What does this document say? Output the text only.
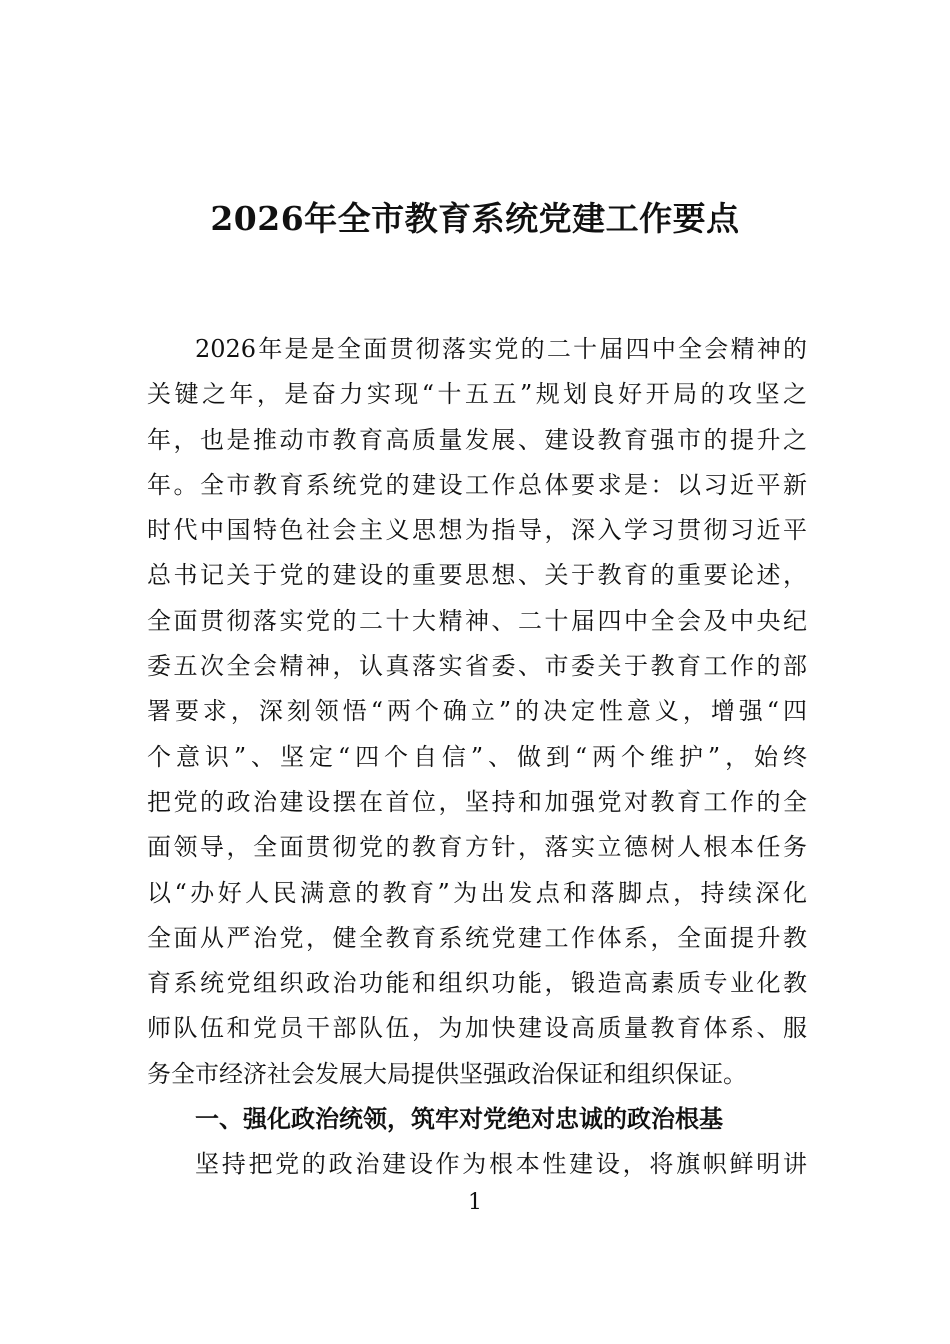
2026年全市教育系统党建工作要点
2026年是是全面贯彻落实党的二十届四中全会精神的
关键之年，是奋力实现“十五五”规划良好开局的攻坚之
年，也是推动市教育高质量发展、建设教育强市的提升之
年。全市教育系统党的建设工作总体要求是：以习近平新
时代中国特色社会主义思想为指导，深入学习贯彻习近平
总书记关于党的建设的重要思想、关于教育的重要论述，
全面贯彻落实党的二十大精神、二十届四中全会及中央纪
委五次全会精神，认真落实省委、市委关于教育工作的部
署要求，深刻领悟“两个确立”的决定性意义，增强“四
个意识”、坚定“四个自信”、做到“两个维护”，始终
把党的政治建设摆在首位，坚持和加强党对教育工作的全
面领导，全面贯彻党的教育方针，落实立德树人根本任务
以“办好人民满意的教育”为出发点和落脚点，持续深化
全面从严治党，健全教育系统党建工作体系，全面提升教
育系统党组织政治功能和组织功能，锻造高素质专业化教
师队伍和党员干部队伍，为加快建设高质量教育体系、服
务全市经济社会发展大局提供坚强政治保证和组织保证。
一、强化政治统领，筑牢对党绝对忠诚的政治根基
坚持把党的政治建设作为根本性建设，将旗帜鲜明讲
1
